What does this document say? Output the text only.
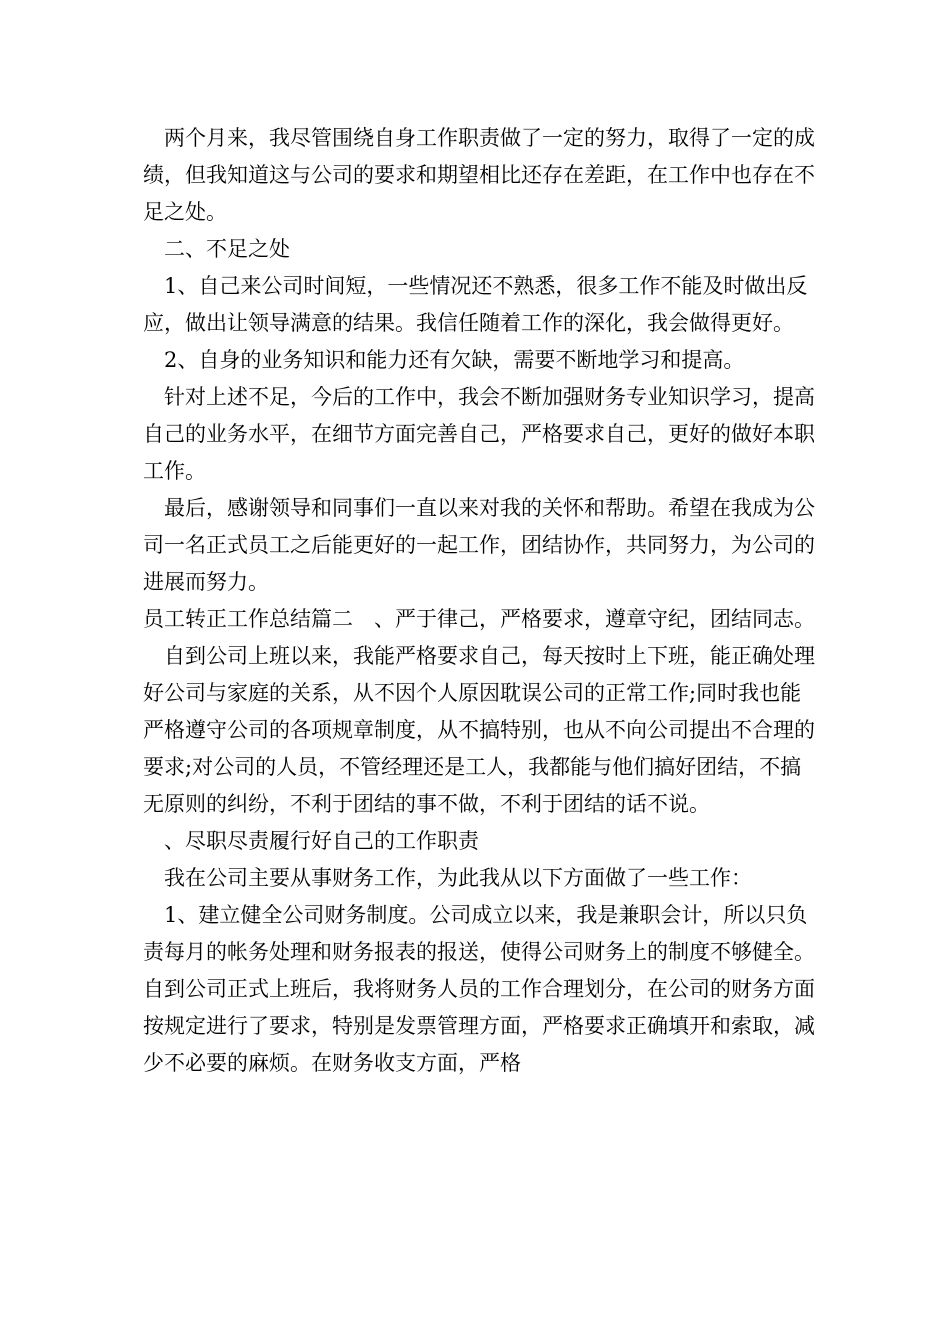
两个月来，我尽管围绕自身工作职责做了一定的努力，取得了一定的成绩，但我知道这与公司的要求和期望相比还存在差距，在工作中也存在不足之处。

二、不足之处

1、自己来公司时间短，一些情况还不熟悉，很多工作不能及时做出反应，做出让领导满意的结果。我信任随着工作的深化，我会做得更好。

2、自身的业务知识和能力还有欠缺，需要不断地学习和提高。

针对上述不足，今后的工作中，我会不断加强财务专业知识学习，提高自己的业务水平，在细节方面完善自己，严格要求自己，更好的做好本职工作。

最后，感谢领导和同事们一直以来对我的关怀和帮助。希望在我成为公司一名正式员工之后能更好的一起工作，团结协作，共同努力，为公司的进展而努力。

员工转正工作总结篇二　、严于律己，严格要求，遵章守纪，团结同志。

自到公司上班以来，我能严格要求自己，每天按时上下班，能正确处理好公司与家庭的关系，从不因个人原因耽误公司的正常工作;同时我也能严格遵守公司的各项规章制度，从不搞特别，也从不向公司提出不合理的要求;对公司的人员，不管经理还是工人，我都能与他们搞好团结，不搞无原则的纠纷，不利于团结的事不做，不利于团结的话不说。

、尽职尽责履行好自己的工作职责

我在公司主要从事财务工作，为此我从以下方面做了一些工作：

1、建立健全公司财务制度。公司成立以来，我是兼职会计，所以只负责每月的帐务处理和财务报表的报送，使得公司财务上的制度不够健全。自到公司正式上班后，我将财务人员的工作合理划分，在公司的财务方面按规定进行了要求，特别是发票管理方面，严格要求正确填开和索取，减少不必要的麻烦。在财务收支方面，严格
